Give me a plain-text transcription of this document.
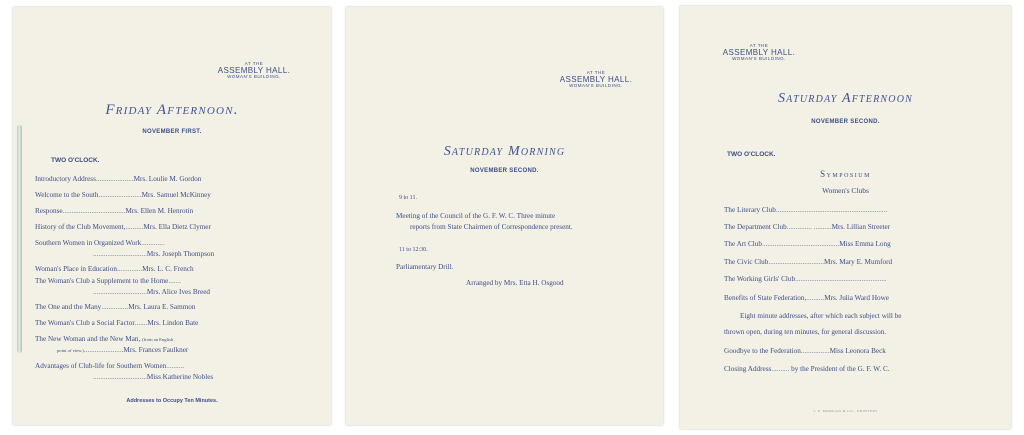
AT THE
ASSEMBLY HALL.
WOMAN'S BUILDING.
Friday Afternoon.
NOVEMBER FIRST.
TWO O'CLOCK.
Introductory Address.....................Mrs. Loulie M. Gordon
Welcome to the South........................Mrs. Samuel McKinney
Response...................................Mrs. Ellen M. Henrotin
History of the Club Movement,..........Mrs. Ella Dietz Clymer
Southern Women in Organized Work.............
..............................Mrs. Joseph Thompson
Woman's Place in Education..............Mrs. L. C. French
The Woman's Club a Supplement to the Home.......
..............................Mrs. Alice Ives Breed
The One and the Many...............Mrs. Laura E. Sammon
The Woman's Club a Social Factor.......Mrs. Lindon Bate
The New Woman and the New Man, (from an English
point of view.)......................Mrs. Frances Faulkner
Advantages of Club-life for Southern Women..........
..............................Miss Katherine Nobles
Addresses to Occupy Ten Minutes.
AT THE
ASSEMBLY HALL.
WOMAN'S BUILDING.
Saturday Morning
NOVEMBER SECOND.
9 to 11.
Meeting of the Council of the G. F. W. C. Three minute
reports from State Chairmen of Correspondence present.
11 to 12:30.
Parliamentary Drill.
Arranged by Mrs. Etta H. Osgood
AT THE
ASSEMBLY HALL.
WOMAN'S BUILDING.
Saturday Afternoon
NOVEMBER SECOND.
TWO O'CLOCK.
Symposium
Women's Clubs
The Literary Club..............................................................
The Department Club.............. ..........Mrs. Lillian Streeter
The Art Club...........................................Miss Emma Long
The Civic Club...............................Mrs. Mary E. Mumford
The Working Girls' Club...................................................
Benefits of State Federation,..........Mrs. Julia Ward Howe
Eight minute addresses, after which each subject will be
thrown open, during ten minutes, for general discussion.
Goodbye to the Federation................Miss Leonora Beck
Closing Address.......... by the President of the G. F. W. C.
J. P. MORGAN & CO., PRINTERS
